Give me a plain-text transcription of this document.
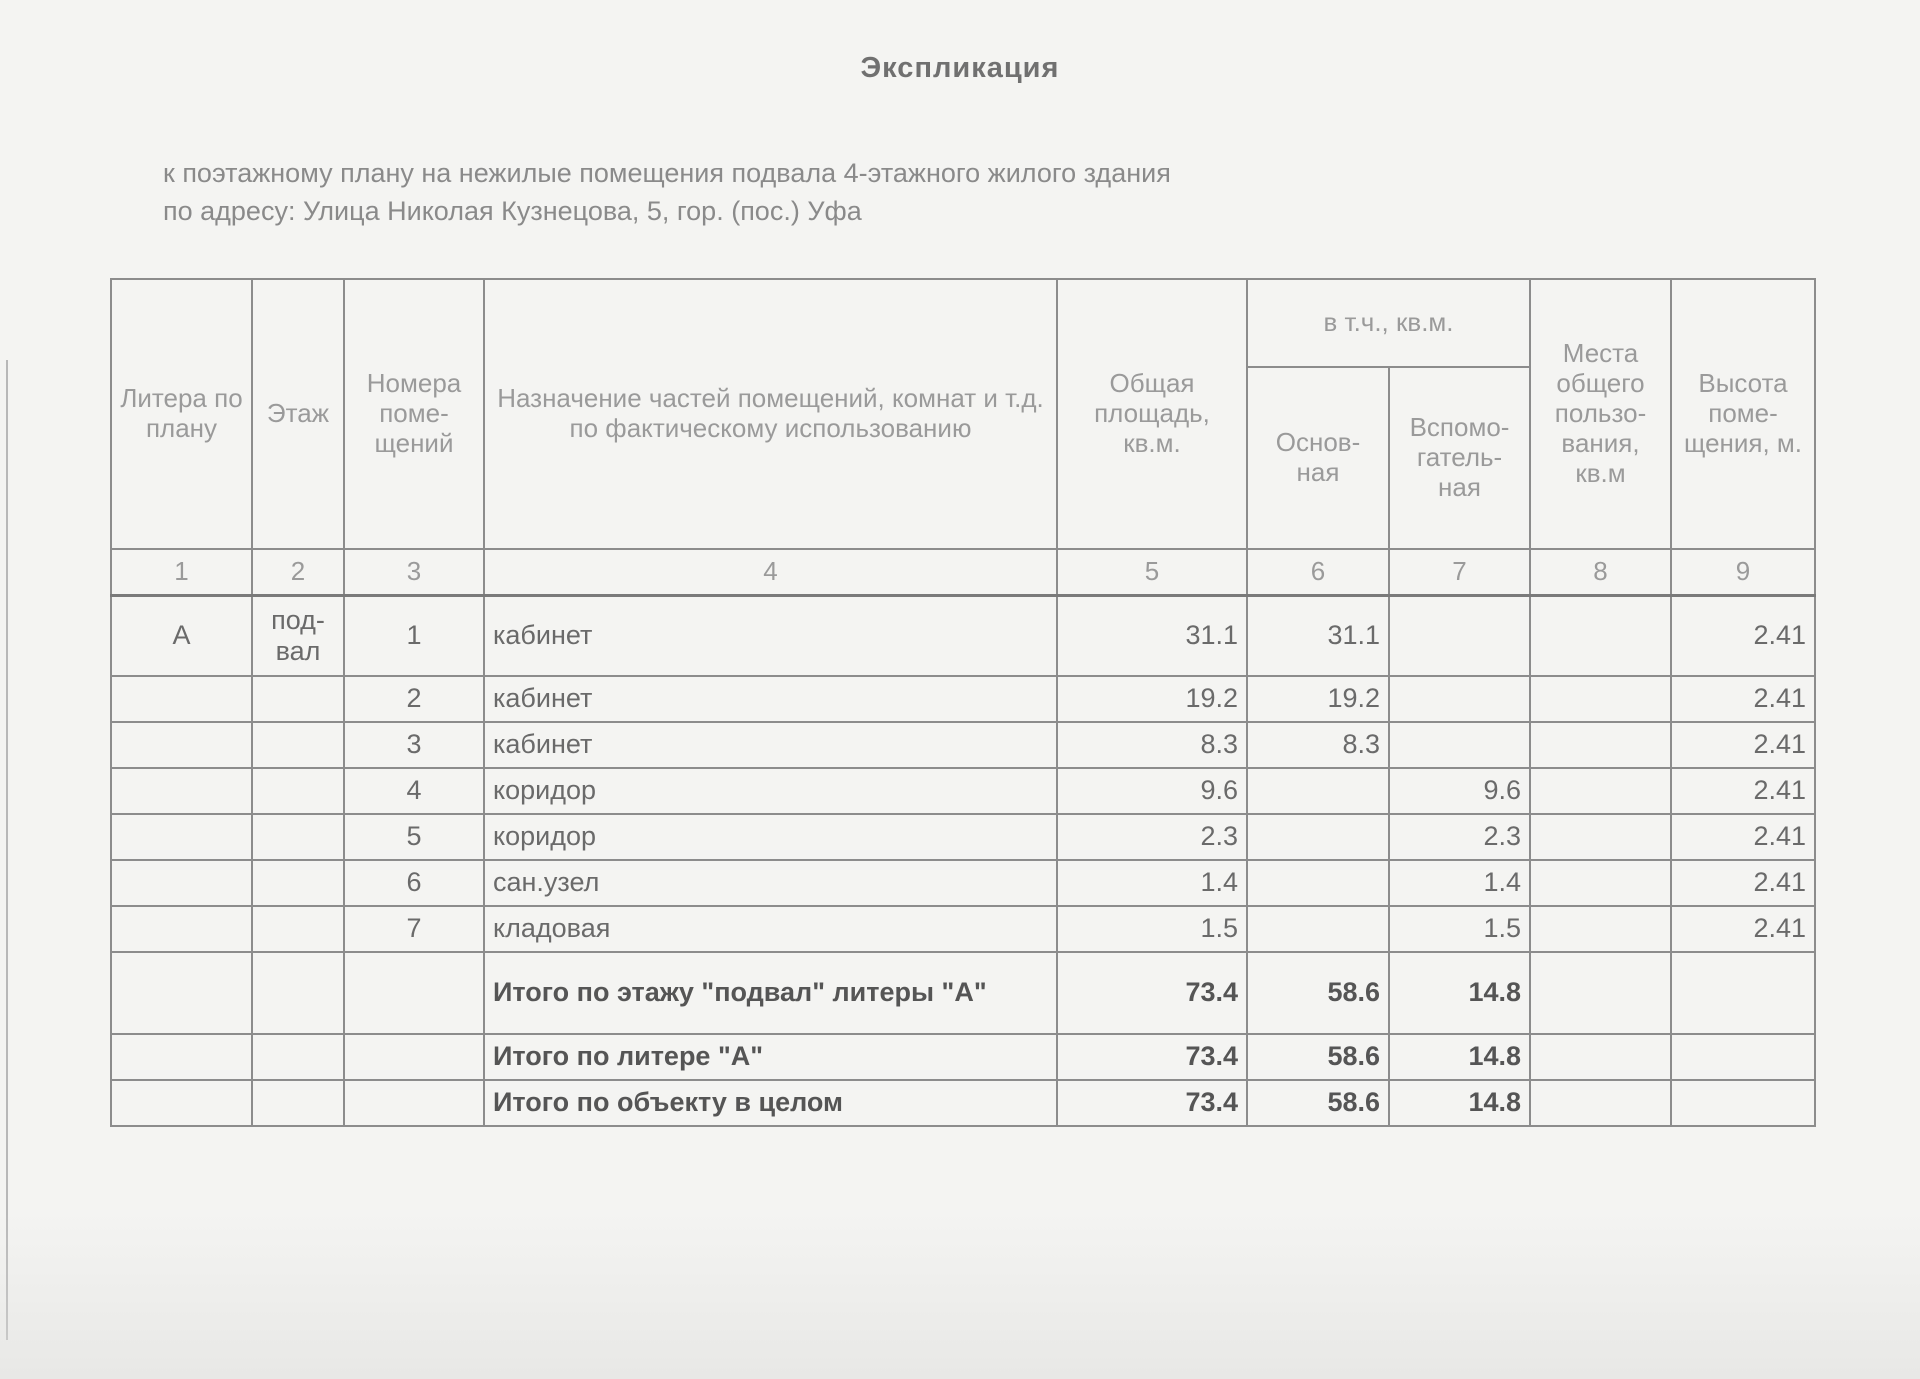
Экспликация
к поэтажному плану на нежилые помещения подвала 4-этажного жилого здания
по адресу: Улица Николая Кузнецова, 5, гор. (пос.) Уфа
Литера по плану	Этаж	Номера поме- щений	Назначение частей помещений, комнат и т.д. по фактическому использованию	Общая площадь, кв.м.	в т.ч., кв.м.		Места общего пользо- вания, кв.м	Высота поме- щения, м.
					Основ- ная	Вспомо- гатель- ная		
1	2	3	4	5	6	7	8	9
А	под- вал	1	кабинет	31.1	31.1			2.41
		2	кабинет	19.2	19.2			2.41
		3	кабинет	8.3	8.3			2.41
		4	коридор	9.6		9.6		2.41
		5	коридор	2.3		2.3		2.41
		6	сан.узел	1.4		1.4		2.41
		7	кладовая	1.5		1.5		2.41
			Итого по этажу "подвал" литеры "А"	73.4	58.6	14.8		
			Итого по литере "А"	73.4	58.6	14.8		
			Итого по объекту в целом	73.4	58.6	14.8		
